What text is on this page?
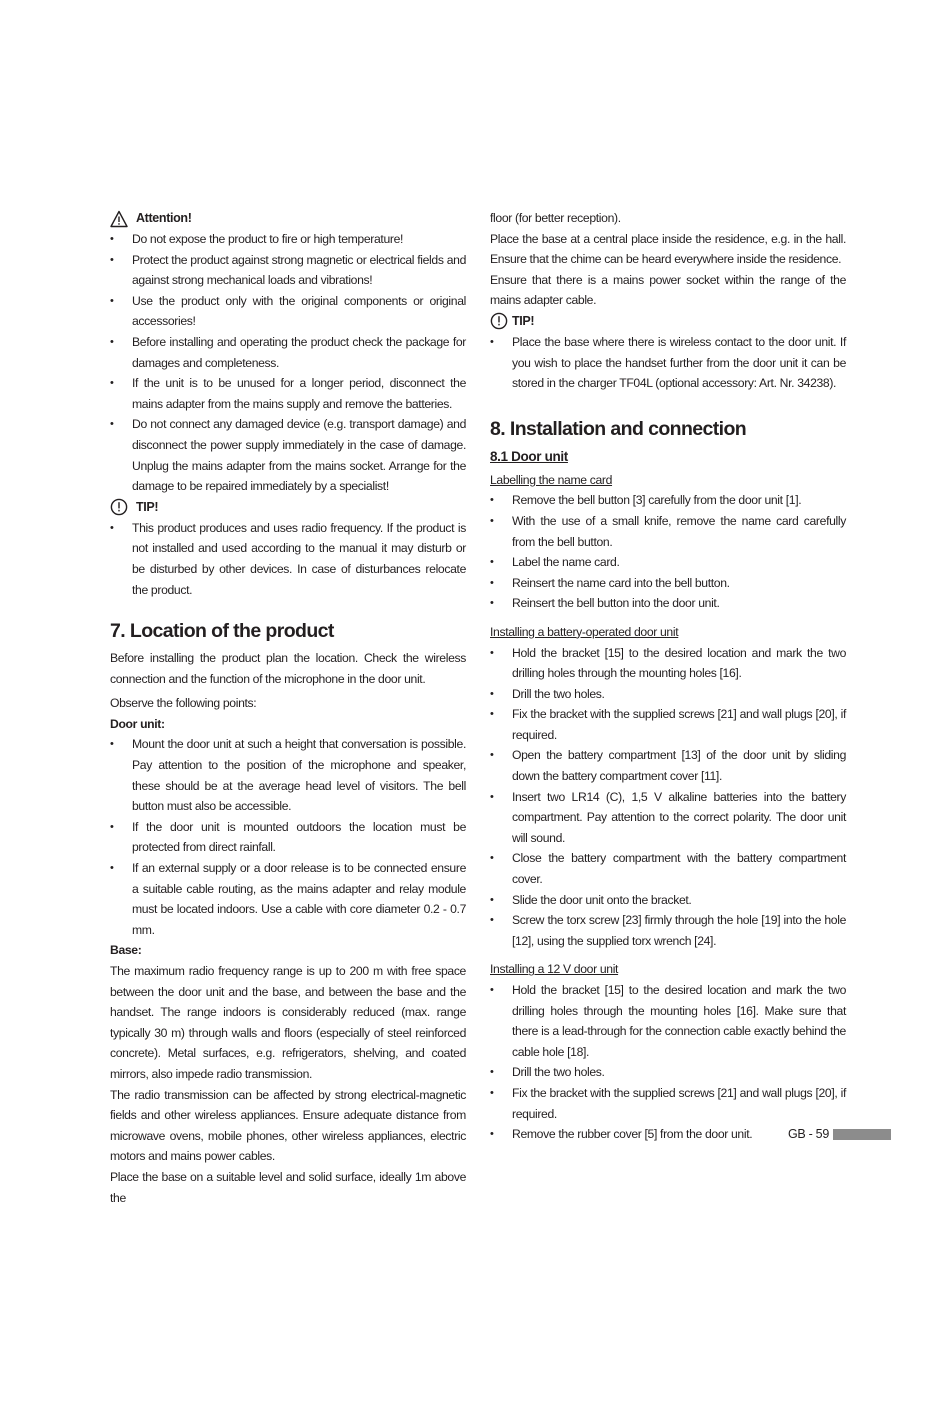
Attention!
• Do not expose the product to fire or high temperature!
• Protect the product against strong magnetic or electrical fields and against strong mechanical loads and vibrations!
• Use the product only with the original components or original accessories!
• Before installing and operating the product check the package for damages and completeness.
• If the unit is to be unused for a longer period, disconnect the mains adapter from the mains supply and remove the batteries.
• Do not connect any damaged device (e.g. transport damage) and disconnect the power supply immediately in the case of damage. Unplug the mains adapter from the mains socket. Arrange for the damage to be repaired immediately by a specialist!
TIP!
• This product produces and uses radio frequency. If the product is not installed and used according to the manual it may disturb or be disturbed by other devices. In case of disturbances relocate the product.
7. Location of the product

Before installing the product plan the location. Check the wireless connection and the function of the microphone in the door unit.

Observe the following points:

Door unit:

• Mount the door unit at such a height that conversation is possible. Pay attention to the position of the microphone and speaker, these should be at the average head level of visitors. The bell button must also be accessible.
• If the door unit is mounted outdoors the location must be protected from direct rainfall.
• If an external supply or a door release is to be connected ensure a suitable cable routing, as the mains adapter and relay module must be located indoors. Use a cable with core diameter 0.2 - 0.7 mm.

Base:

The maximum radio frequency range is up to 200 m with free space between the door unit and the base, and between the base and the handset. The range indoors is considerably reduced (max. range typically 30 m) through walls and floors (especially of steel reinforced concrete). Metal surfaces, e.g. refrigerators, shelving, and coated mirrors, also impede radio transmission.

The radio transmission can be affected by strong electrical-magnetic fields and other wireless appliances. Ensure adequate distance from microwave ovens, mobile phones, other wireless appliances, electric motors and mains power cables.

Place the base on a suitable level and solid surface, ideally 1m above the

floor (for better reception).

Place the base at a central place inside the residence, e.g. in the hall. Ensure that the chime can be heard everywhere inside the residence.

Ensure that there is a mains power socket within the range of the mains adapter cable.

TIP!
• Place the base where there is wireless contact to the door unit. If you wish to place the handset further from the door unit it can be stored in the charger TF04L (optional accessory: Art. Nr. 34238).
8. Installation and connection
8.1 Door unit

Labelling the name card

• Remove the bell button [3] carefully from the door unit [1].
• With the use of a small knife, remove the name card carefully from the bell button.
• Label the name card.
• Reinsert the name card into the bell button.
• Reinsert the bell button into the door unit.

Installing a battery-operated door unit

• Hold the bracket [15] to the desired location and mark the two drilling holes through the mounting holes [16].
• Drill the two holes.
• Fix the bracket with the supplied screws [21] and wall plugs [20], if required.
• Open the battery compartment [13] of the door unit by sliding down the battery compartment cover [11].
• Insert two LR14 (C), 1,5 V alkaline batteries into the battery compartment. Pay attention to the correct polarity. The door unit will sound.
• Close the battery compartment with the battery compartment cover.
• Slide the door unit onto the bracket.
• Screw the torx screw [23] firmly through the hole [19] into the hole [12], using the supplied torx wrench [24].

Installing a 12 V door unit

• Hold the bracket [15] to the desired location and mark the two drilling holes through the mounting holes [16]. Make sure that there is a lead-through for the connection cable exactly behind the cable hole [18].
• Drill the two holes.
• Fix the bracket with the supplied screws [21] and wall plugs [20], if required.
• Remove the rubber cover [5] from the door unit.	GB - 59
